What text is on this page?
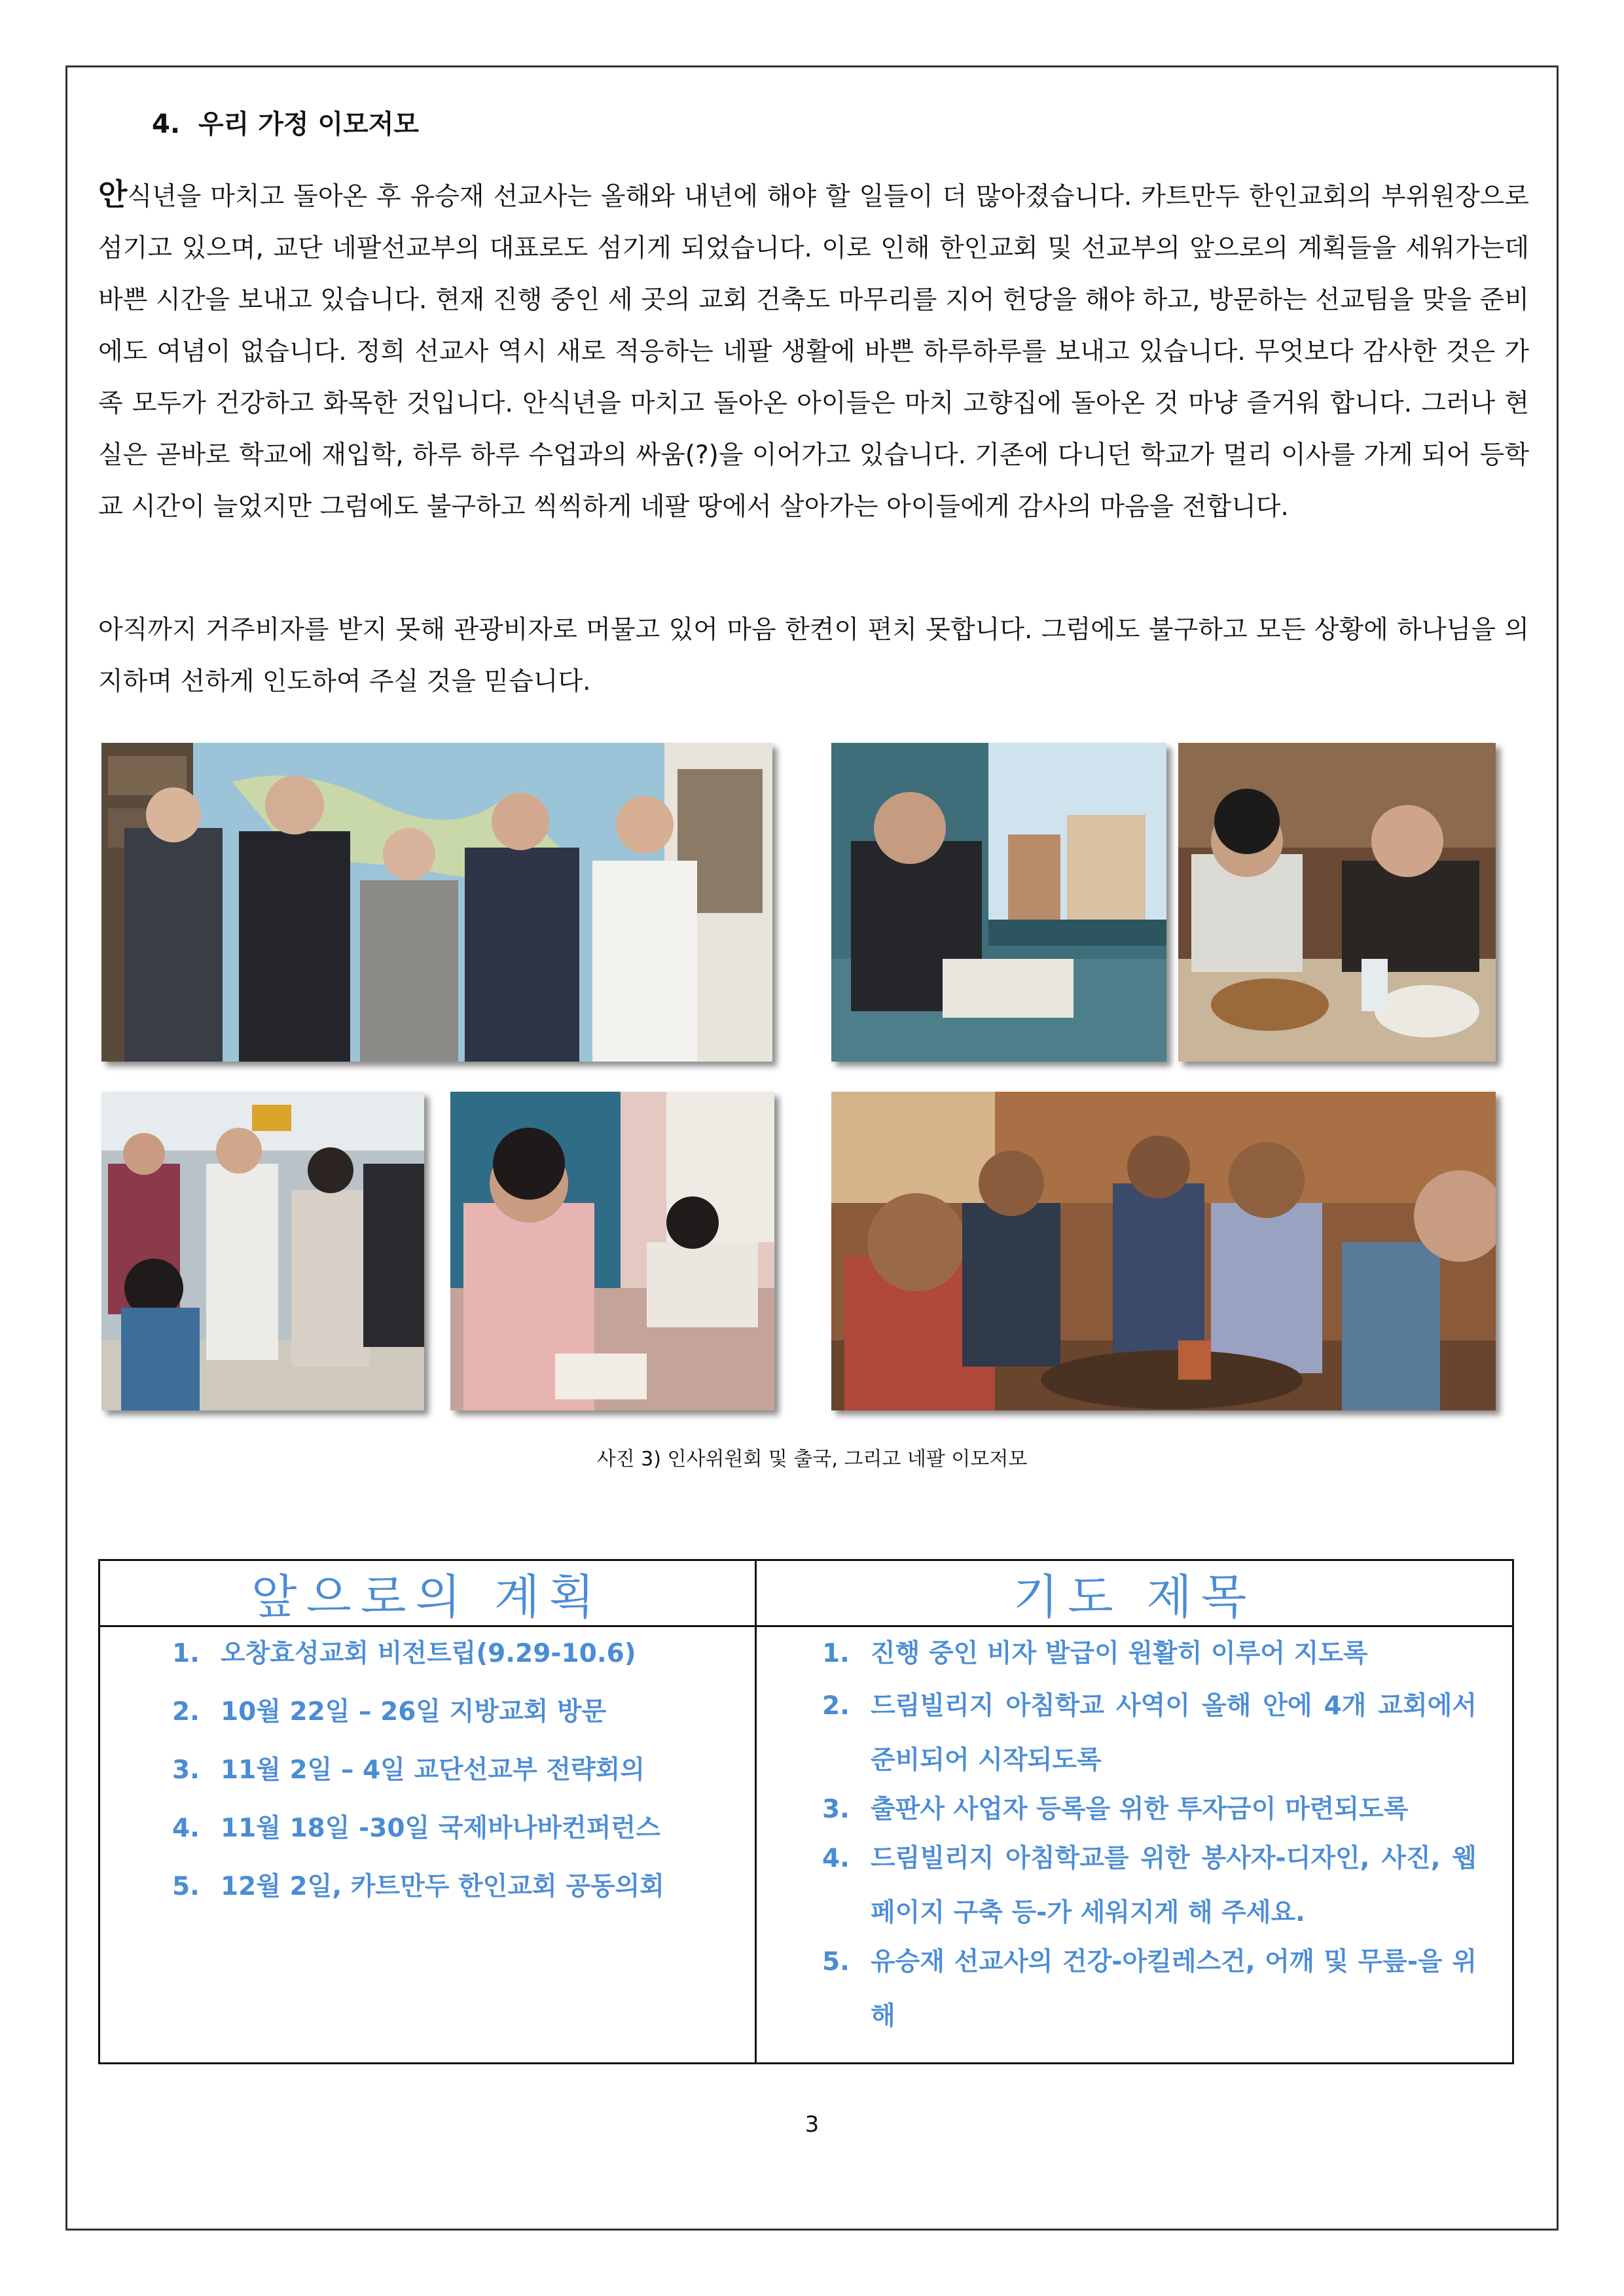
4. 우리 가정 이모저모

안식년을 마치고 돌아온 후 유승재 선교사는 올해와 내년에 해야 할 일들이 더 많아졌습니다. 카트만두 한인교회의 부위원장으로 섬기고 있으며, 교단 네팔선교부의 대표로도 섬기게 되었습니다. 이로 인해 한인교회 및 선교부의 앞으로의 계획들을 세워가는데 바쁜 시간을 보내고 있습니다. 현재 진행 중인 세 곳의 교회 건축도 마무리를 지어 헌당을 해야 하고, 방문하는 선교팀을 맞을 준비에도 여념이 없습니다. 정희 선교사 역시 새로 적응하는 네팔 생활에 바쁜 하루하루를 보내고 있습니다. 무엇보다 감사한 것은 가족 모두가 건강하고 화목한 것입니다. 안식년을 마치고 돌아온 아이들은 마치 고향집에 돌아온 것 마냥 즐거워 합니다. 그러나 현실은 곧바로 학교에 재입학, 하루 하루 수업과의 싸움(?)을 이어가고 있습니다. 기존에 다니던 학교가 멀리 이사를 가게 되어 등학교 시간이 늘었지만 그럼에도 불구하고 씩씩하게 네팔 땅에서 살아가는 아이들에게 감사의 마음을 전합니다.

아직까지 거주비자를 받지 못해 관광비자로 머물고 있어 마음 한켠이 편치 못합니다. 그럼에도 불구하고 모든 상황에 하나님을 의지하며 선하게 인도하여 주실 것을 믿습니다.

사진 3) 인사위원회 및 출국, 그리고 네팔 이모저모

앞으로의 계획	기도 제목
1. 오창효성교회 비전트립(9.29-10.6)
2. 10월 22일 – 26일 지방교회 방문
3. 11월 2일 – 4일 교단선교부 전략회의
4. 11월 18일 -30일 국제바나바컨퍼런스
5. 12월 2일, 카트만두 한인교회 공동의회
1. 진행 중인 비자 발급이 원활히 이루어 지도록
2. 드림빌리지 아침학교 사역이 올해 안에 4개 교회에서 준비되어 시작되도록
3. 출판사 사업자 등록을 위한 투자금이 마련되도록
4. 드림빌리지 아침학교를 위한 봉사자-디자인, 사진, 웹페이지 구축 등-가 세워지게 해 주세요.
5. 유승재 선교사의 건강-아킬레스건, 어깨 및 무릎-을 위해

3
